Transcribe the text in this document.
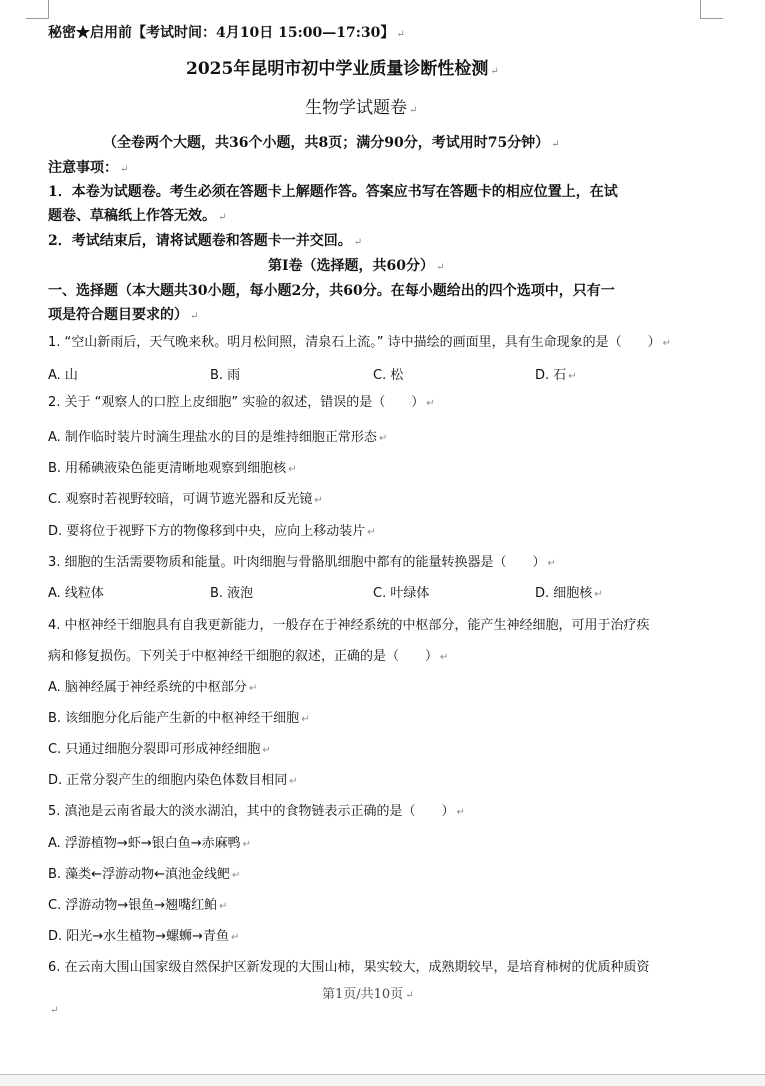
秘密★启用前【考试时间：4月10日 15:00—17:30】 ↵
2025年昆明市初中学业质量诊断性检测 ↵
生物学试题卷 ↵
（全卷两个大题，共36个小题，共8页；满分90分，考试用时75分钟） ↵
注意事项： ↵
1．本卷为试题卷。考生必须在答题卡上解题作答。答案应书写在答题卡的相应位置上，在试
题卷、草稿纸上作答无效。 ↵
2．考试结束后，请将试题卷和答题卡一并交回。 ↵
第Ⅰ卷（选择题，共60分） ↵
一、选择题（本大题共30小题，每小题2分，共60分。在每小题给出的四个选项中，只有一
项是符合题目要求的） ↵
1. “空山新雨后，天气晚来秋。明月松间照，清泉石上流。” 诗中描绘的画面里，具有生命现象的是（　　） ↵
A. 山	B. 雨	C. 松	D. 石 ↵
2. 关于 “观察人的口腔上皮细胞” 实验的叙述，错误的是（　　） ↵
A. 制作临时装片时滴生理盐水的目的是维持细胞正常形态 ↵
B. 用稀碘液染色能更清晰地观察到细胞核 ↵
C. 观察时若视野较暗，可调节遮光器和反光镜 ↵
D. 要将位于视野下方的物像移到中央，应向上移动装片 ↵
3. 细胞的生活需要物质和能量。叶肉细胞与骨骼肌细胞中都有的能量转换器是（　　） ↵
A. 线粒体	B. 液泡	C. 叶绿体	D. 细胞核 ↵
4. 中枢神经干细胞具有自我更新能力，一般存在于神经系统的中枢部分，能产生神经细胞，可用于治疗疾
病和修复损伤。下列关于中枢神经干细胞的叙述，正确的是（　　） ↵
A. 脑神经属于神经系统的中枢部分 ↵
B. 该细胞分化后能产生新的中枢神经干细胞 ↵
C. 只通过细胞分裂即可形成神经细胞 ↵
D. 正常分裂产生的细胞内染色体数目相同 ↵
5. 滇池是云南省最大的淡水湖泊，其中的食物链表示正确的是（　　） ↵
A. 浮游植物→虾→银白鱼→赤麻鸭 ↵
B. 藻类←浮游动物←滇池金线鲃 ↵
C. 浮游动物→银鱼→翘嘴红鲌 ↵
D. 阳光→水生植物→螺蛳→青鱼 ↵
6. 在云南大围山国家级自然保护区新发现的大围山柿，果实较大，成熟期较早，是培育柿树的优质种质资
第1页/共10页 ↵
↵
